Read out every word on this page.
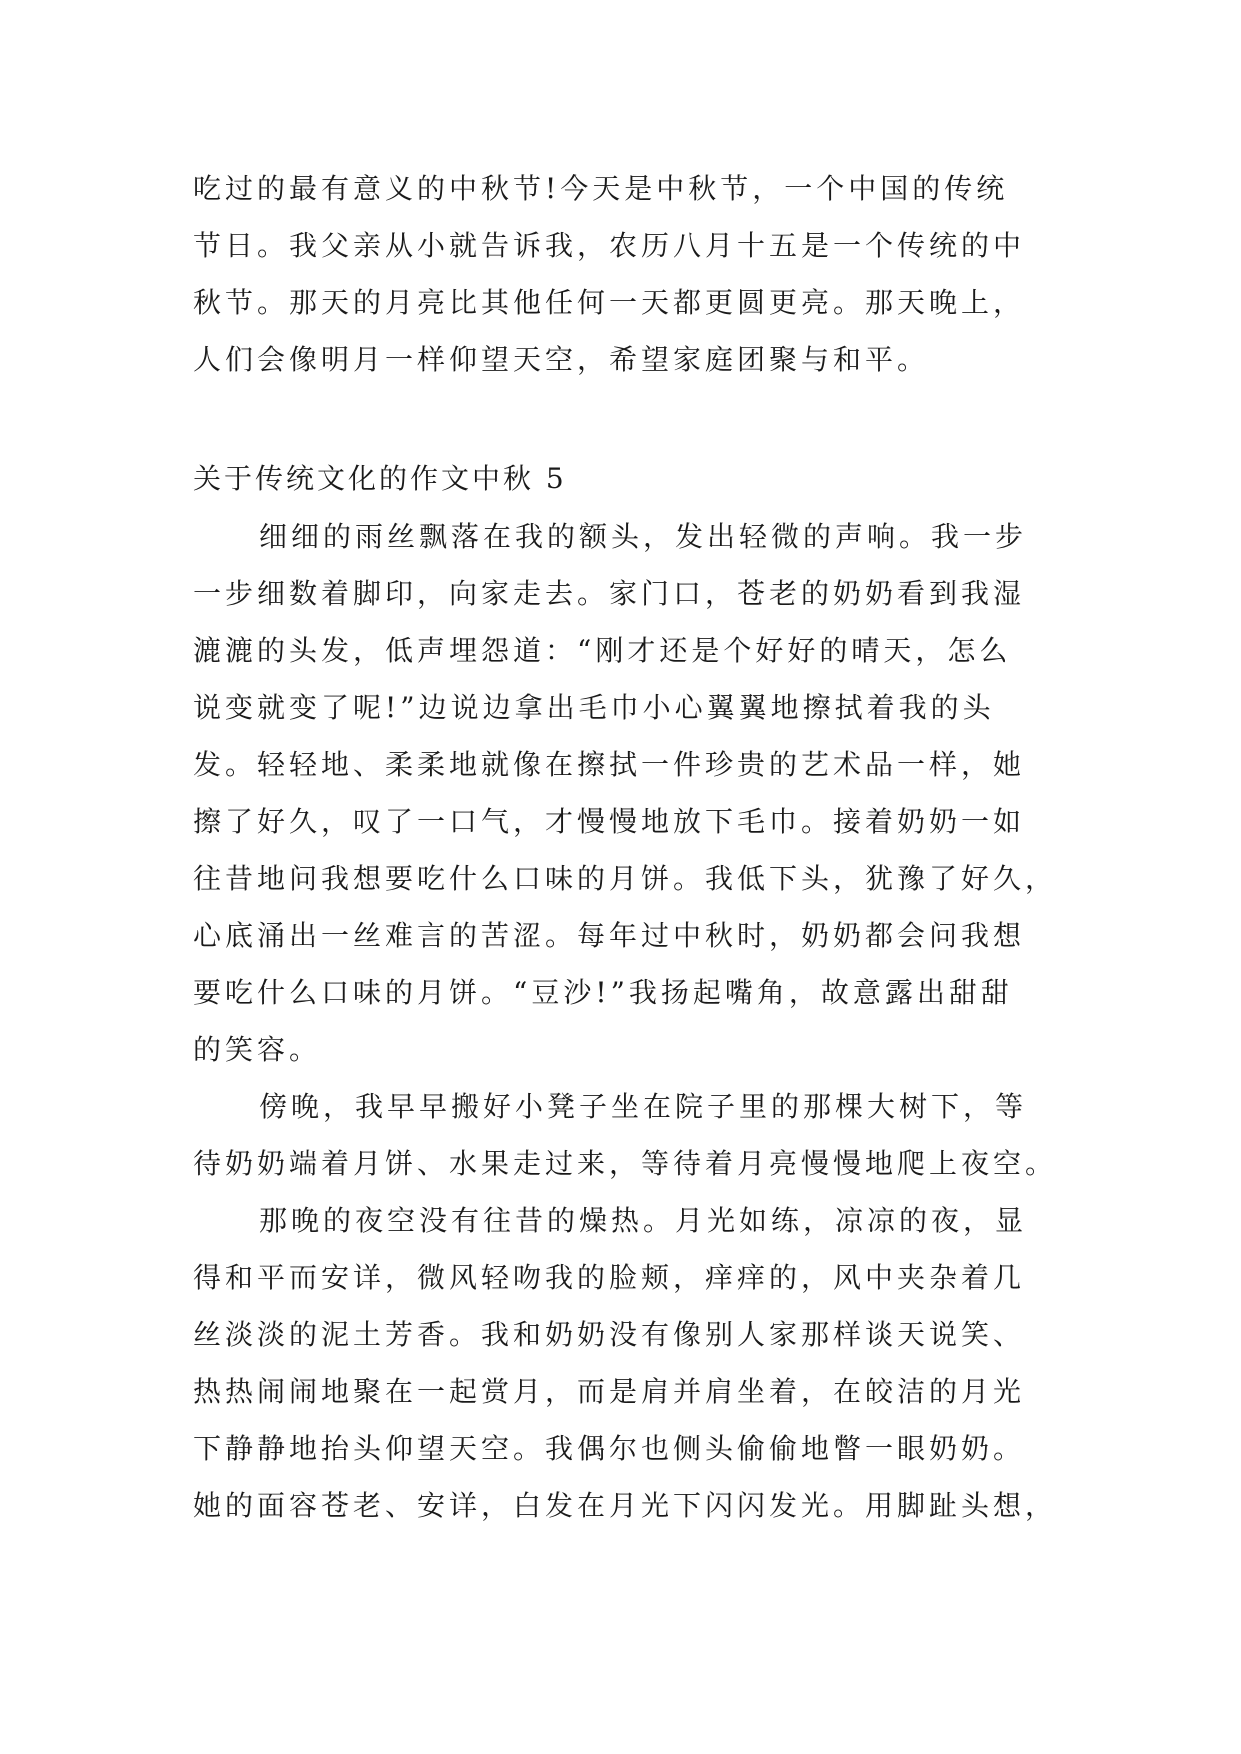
吃过的最有意义的中秋节!今天是中秋节，一个中国的传统
节日。我父亲从小就告诉我，农历八月十五是一个传统的中
秋节。那天的月亮比其他任何一天都更圆更亮。那天晚上，
人们会像明月一样仰望天空，希望家庭团聚与和平。
关于传统文化的作文中秋 5
细细的雨丝飘落在我的额头，发出轻微的声响。我一步
一步细数着脚印，向家走去。家门口，苍老的奶奶看到我湿
漉漉的头发，低声埋怨道：“刚才还是个好好的晴天，怎么
说变就变了呢!”边说边拿出毛巾小心翼翼地擦拭着我的头
发。轻轻地、柔柔地就像在擦拭一件珍贵的艺术品一样，她
擦了好久，叹了一口气，才慢慢地放下毛巾。接着奶奶一如
往昔地问我想要吃什么口味的月饼。我低下头，犹豫了好久，
心底涌出一丝难言的苦涩。每年过中秋时，奶奶都会问我想
要吃什么口味的月饼。“豆沙!”我扬起嘴角，故意露出甜甜
的笑容。
傍晚，我早早搬好小凳子坐在院子里的那棵大树下，等
待奶奶端着月饼、水果走过来，等待着月亮慢慢地爬上夜空。
那晚的夜空没有往昔的燥热。月光如练，凉凉的夜，显
得和平而安详，微风轻吻我的脸颊，痒痒的，风中夹杂着几
丝淡淡的泥土芳香。我和奶奶没有像别人家那样谈天说笑、
热热闹闹地聚在一起赏月，而是肩并肩坐着，在皎洁的月光
下静静地抬头仰望天空。我偶尔也侧头偷偷地瞥一眼奶奶。
她的面容苍老、安详，白发在月光下闪闪发光。用脚趾头想，
